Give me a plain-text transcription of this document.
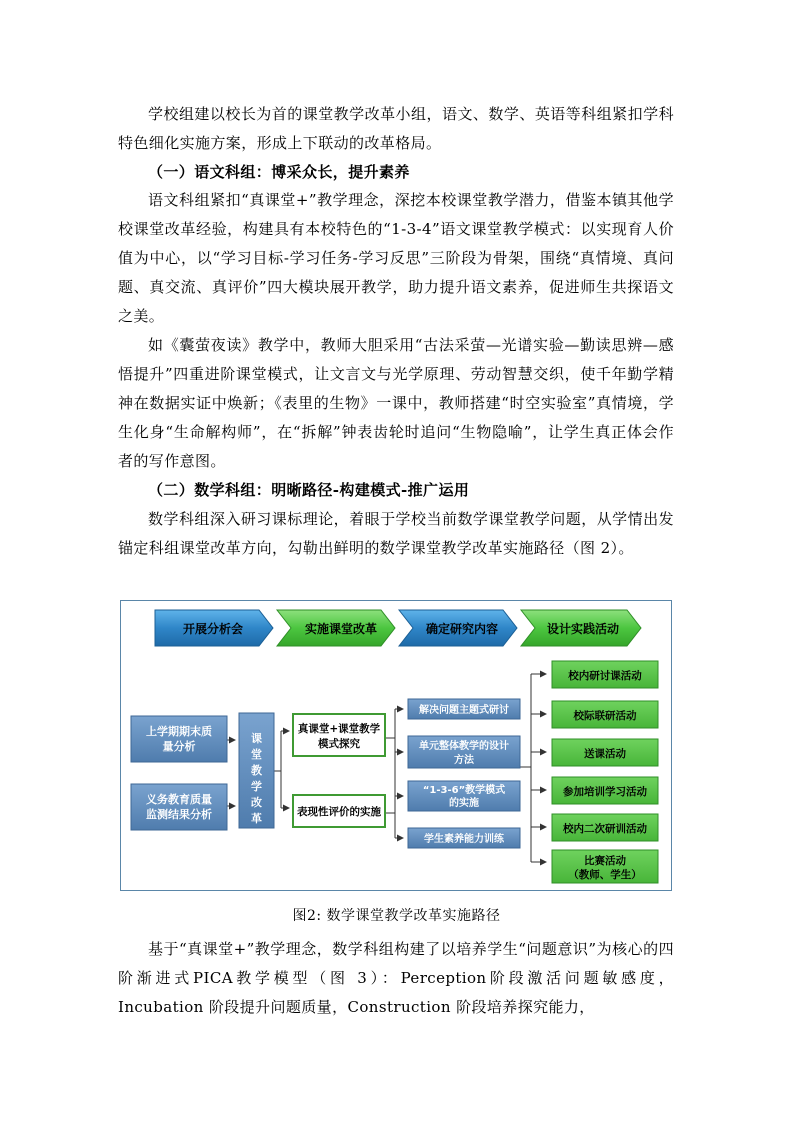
学校组建以校长为首的课堂教学改革小组，语文、数学、英语等科组紧扣学科特色细化实施方案，形成上下联动的改革格局。

（一）语文科组：博采众长，提升素养

语文科组紧扣“真课堂+”教学理念，深挖本校课堂教学潜力，借鉴本镇其他学校课堂改革经验，构建具有本校特色的“1-3-4”语文课堂教学模式：以实现育人价值为中心，以“学习目标-学习任务-学习反思”三阶段为骨架，围绕“真情境、真问题、真交流、真评价”四大模块展开教学，助力提升语文素养，促进师生共探语文之美。

如《囊萤夜读》教学中，教师大胆采用“古法采萤—光谱实验—勤读思辨—感悟提升”四重进阶课堂模式，让文言文与光学原理、劳动智慧交织，使千年勤学精神在数据实证中焕新；《表里的生物》一课中，教师搭建“时空实验室”真情境，学生化身“生命解构师”，在“拆解”钟表齿轮时追问“生物隐喻”，让学生真正体会作者的写作意图。

（二）数学科组：明晰路径-构建模式-推广运用

数学科组深入研习课标理论，着眼于学校当前数学课堂教学问题，从学情出发锚定科组课堂改革方向，勾勒出鲜明的数学课堂教学改革实施路径（图 2）。

开展分析会	实施课堂改革	确定研究内容	设计实践活动
上学期期末质量分析
义务教育质量监测结果分析
课堂教学改革
真课堂+课堂教学模式探究
表现性评价的实施
解决问题主题式研讨
单元整体教学的设计方法
“1-3-6”教学模式的实施
学生素养能力训练
校内研讨课活动
校际联研活动
送课活动
参加培训学习活动
校内二次研训活动
比赛活动（教师、学生）

图2: 数学课堂教学改革实施路径

基于“真课堂+”教学理念，数学科组构建了以培养学生“问题意识”为核心的四阶渐进式PICA教学模型（图 3）：Perception阶段激活问题敏感度，Incubation 阶段提升问题质量，Construction 阶段培养探究能力，
